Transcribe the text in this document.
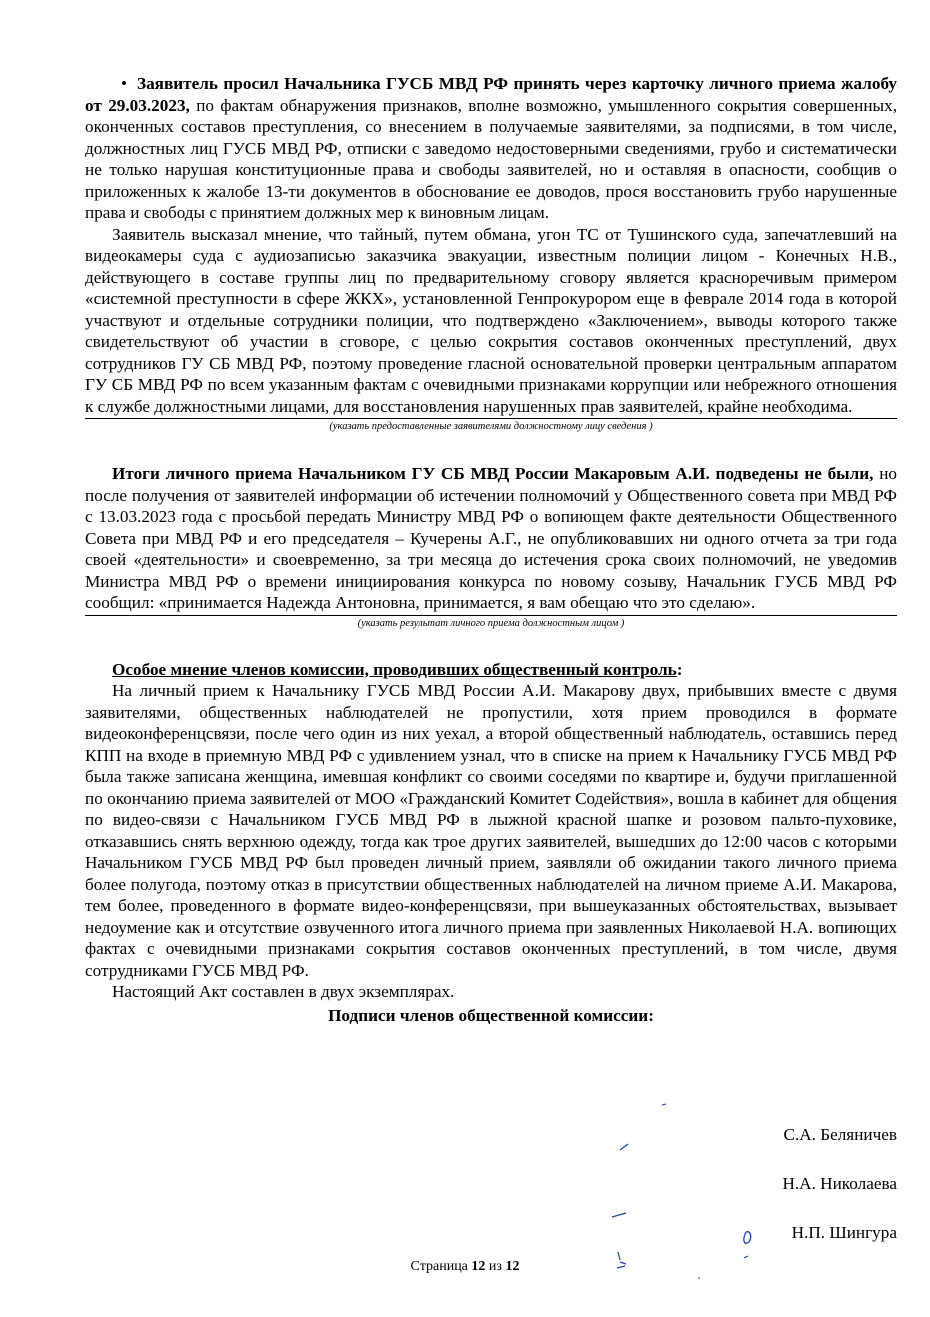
• Заявитель просил Начальника ГУСБ МВД РФ принять через карточку личного приема жалобу от 29.03.2023, по фактам обнаружения признаков, вполне возможно, умышленного сокрытия совершенных, оконченных составов преступления, со внесением в получаемые заявителями, за подписями, в том числе, должностных лиц ГУСБ МВД РФ, отписки с заведомо недостоверными сведениями, грубо и систематически не только нарушая конституционные права и свободы заявителей, но и оставляя в опасности, сообщив о приложенных к жалобе 13-ти документов в обоснование ее доводов, прося восстановить грубо нарушенные права и свободы с принятием должных мер к виновным лицам.

Заявитель высказал мнение, что тайный, путем обмана, угон ТС от Тушинского суда, запечатлевший на видеокамеры суда с аудиозаписью заказчика эвакуации, известным полиции лицом - Конечных Н.В., действующего в составе группы лиц по предварительному сговору является красноречивым примером «системной преступности в сфере ЖКХ», установленной Генпрокурором еще в феврале 2014 года в которой участвуют и отдельные сотрудники полиции, что подтверждено «Заключением», выводы которого также свидетельствуют об участии в сговоре, с целью сокрытия составов оконченных преступлений, двух сотрудников ГУ СБ МВД РФ, поэтому проведение гласной основательной проверки центральным аппаратом ГУ СБ МВД РФ по всем указанным фактам с очевидными признаками коррупции или небрежного отношения к службе должностными лицами, для восстановления нарушенных прав заявителей, крайне необходима.

(указать предоставленные заявителями должностному лицу сведения )

Итоги личного приема Начальником ГУ СБ МВД России Макаровым А.И. подведены не были, но после получения от заявителей информации об истечении полномочий у Общественного совета при МВД РФ с 13.03.2023 года с просьбой передать Министру МВД РФ о вопиющем факте деятельности Общественного Совета при МВД РФ и его председателя – Кучерены А.Г., не опубликовавших ни одного отчета за три года своей «деятельности» и своевременно, за три месяца до истечения срока своих полномочий, не уведомив Министра МВД РФ о времени инициирования конкурса по новому созыву, Начальник ГУСБ МВД РФ сообщил: «принимается Надежда Антоновна, принимается, я вам обещаю что это сделаю».

(указать результат личного приема должностным лицом )

Особое мнение членов комиссии, проводивших общественный контроль:

На личный прием к Начальнику ГУСБ МВД России А.И. Макарову двух, прибывших вместе с двумя заявителями, общественных наблюдателей не пропустили, хотя прием проводился в формате видеоконференцсвязи, после чего один из них уехал, а второй общественный наблюдатель, оставшись перед КПП на входе в приемную МВД РФ с удивлением узнал, что в списке на прием к Начальнику ГУСБ МВД РФ была также записана женщина, имевшая конфликт со своими соседями по квартире и, будучи приглашенной по окончанию приема заявителей от МОО «Гражданский Комитет Содействия», вошла в кабинет для общения по видео-связи с Начальником ГУСБ МВД РФ в лыжной красной шапке и розовом пальто-пуховике, отказавшись снять верхнюю одежду, тогда как трое других заявителей, вышедших до 12:00 часов с которыми Начальником ГУСБ МВД РФ был проведен личный прием, заявляли об ожидании такого личного приема более полугода, поэтому отказ в присутствии общественных наблюдателей на личном приеме А.И. Макарова, тем более, проведенного в формате видео-конференцсвязи, при вышеуказанных обстоятельствах, вызывает недоумение как и отсутствие озвученного итога личного приема при заявленных Николаевой Н.А. вопиющих фактах с очевидными признаками сокрытия составов оконченных преступлений, в том числе, двумя сотрудниками ГУСБ МВД РФ.

Настоящий Акт составлен в двух экземплярах.

Подписи членов общественной комиссии:

С.А. Беляничев
Н.А. Николаева
Н.П. Шингура
Страница 12 из 12
